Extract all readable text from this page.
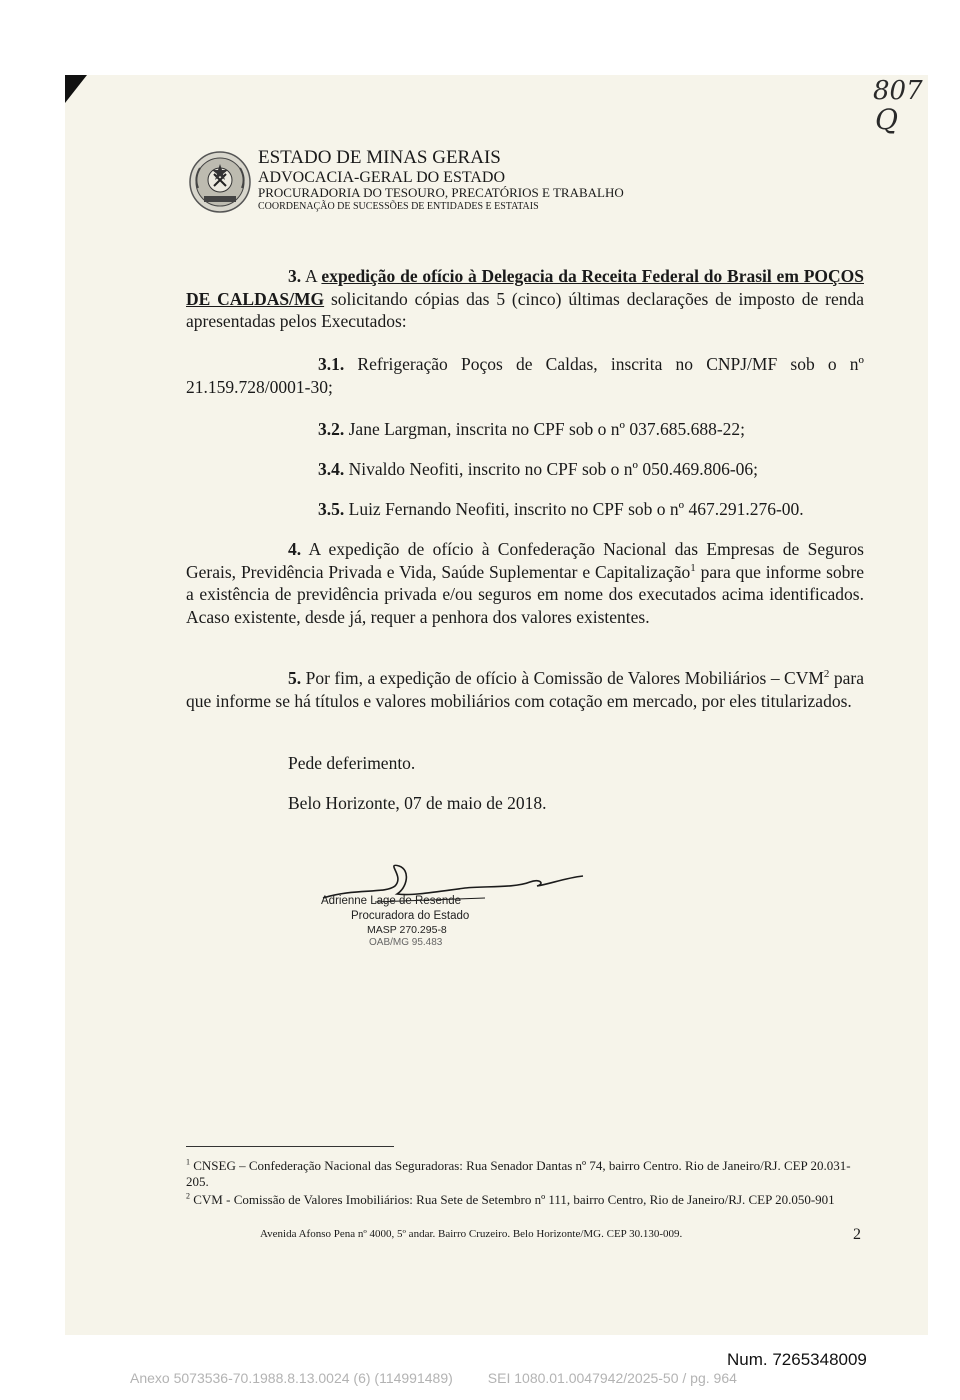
807
Q
ESTADO DE MINAS GERAIS
ADVOCACIA-GERAL DO ESTADO
PROCURADORIA DO TESOURO, PRECATÓRIOS E TRABALHO
COORDENAÇÃO DE SUCESSÕES DE ENTIDADES E ESTATAIS

3. A expedição de ofício à Delegacia da Receita Federal do Brasil em POÇOS DE CALDAS/MG solicitando cópias das 5 (cinco) últimas declarações de imposto de renda apresentadas pelos Executados:

3.1. Refrigeração Poços de Caldas, inscrita no CNPJ/MF sob o nº 21.159.728/0001-30;

3.2. Jane Largman, inscrita no CPF sob o nº 037.685.688-22;

3.4. Nivaldo Neofiti, inscrito no CPF sob o nº 050.469.806-06;

3.5. Luiz Fernando Neofiti, inscrito no CPF sob o nº 467.291.276-00.

4. A expedição de ofício à Confederação Nacional das Empresas de Seguros Gerais, Previdência Privada e Vida, Saúde Suplementar e Capitalização$^1$ para que informe sobre a existência de previdência privada e/ou seguros em nome dos executados acima identificados. Acaso existente, desde já, requer a penhora dos valores existentes.

5. Por fim, a expedição de ofício à Comissão de Valores Mobiliários – CVM$^2$ para que informe se há títulos e valores mobiliários com cotação em mercado, por eles titularizados.

Pede deferimento.
Belo Horizonte, 07 de maio de 2018.
Adrienne Lage de Resende
Procuradora do Estado
MASP 270.295-8
OAB/MG 95.483
$^1$ CNSEG – Confederação Nacional das Seguradoras: Rua Senador Dantas nº 74, bairro Centro. Rio de Janeiro/RJ. CEP 20.031-205.
$^2$ CVM - Comissão de Valores Imobiliários: Rua Sete de Setembro nº 111, bairro Centro, Rio de Janeiro/RJ. CEP 20.050-901
Avenida Afonso Pena nº 4000, 5º andar. Bairro Cruzeiro. Belo Horizonte/MG. CEP 30.130-009.	2
Num. 7265348009
Anexo 5073536-70.1988.8.13.0024 (6) (114991489)         SEI 1080.01.0047942/2025-50 / pg. 964
